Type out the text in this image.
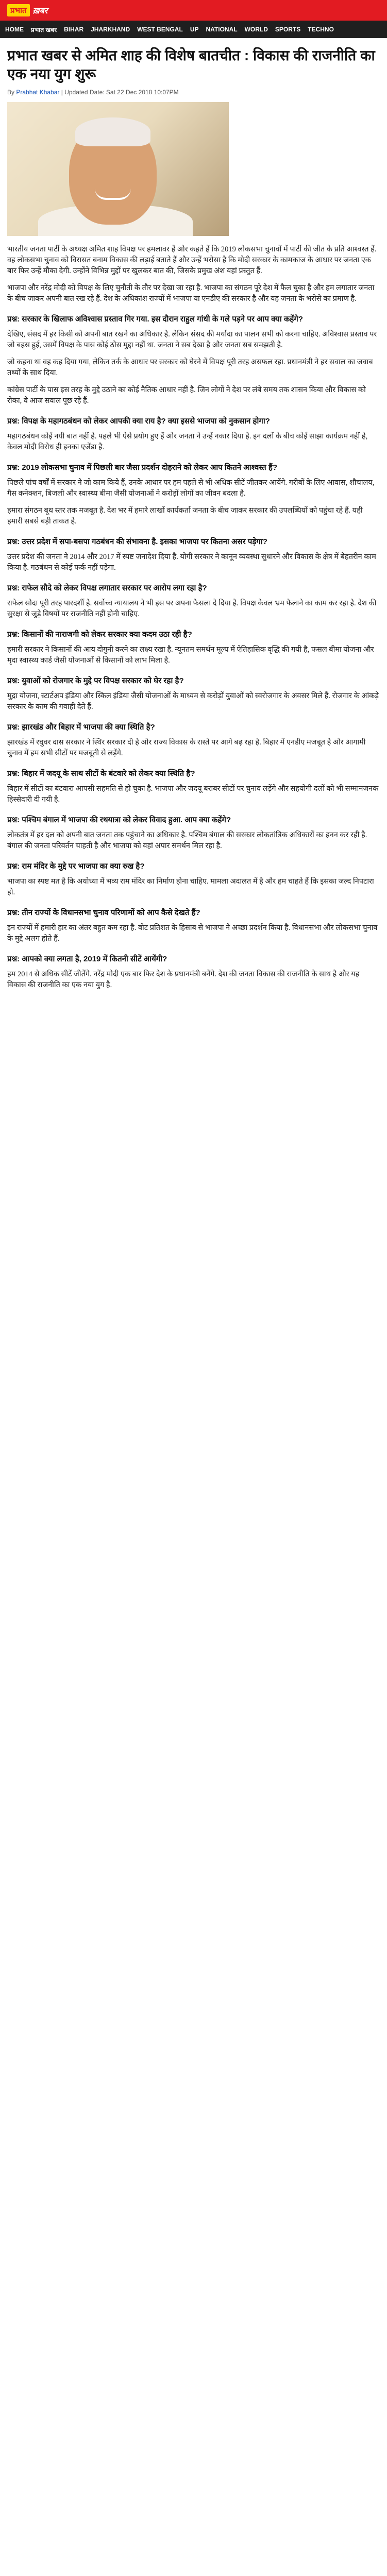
प्रभात ख़बर
HOME प्रभात खबर BIHAR JHARKHAND WEST BENGAL UP NATIONAL WORLD SPORTS TECHNO
प्रभात खबर से अमित शाह की विशेष बातचीत : विकास की राजनीति का एक नया युग शुरू
By Prabhat Khabar | Updated Date: Sat 22 Dec 2018 10:07PM

भारतीय जनता पार्टी के अध्यक्ष अमित शाह विपक्ष पर हमलावर हैं और कहते हैं कि 2019 लोकसभा चुनावों में पार्टी की जीत के प्रति आश्वस्त हैं. वह लोकसभा चुनाव को विरासत बनाम विकास की लड़ाई बताते हैं और उन्हें भरोसा है कि मोदी सरकार के कामकाज के आधार पर जनता एक बार फिर उन्हें मौका देगी. उन्होंने विभिन्न मुद्दों पर खुलकर बात की, जिसके प्रमुख अंश यहां प्रस्तुत हैं.

भाजपा और नरेंद्र मोदी को विपक्ष के लिए चुनौती के तौर पर देखा जा रहा है. भाजपा का संगठन पूरे देश में फैल चुका है और हम लगातार जनता के बीच जाकर अपनी बात रख रहे हैं. देश के अधिकांश राज्यों में भाजपा या एनडीए की सरकार है और यह जनता के भरोसे का प्रमाण है.

प्रश्न: सरकार के खिलाफ अविश्वास प्रस्ताव गिर गया. इस दौरान राहुल गांधी के गले पड़ने पर आप क्या कहेंगे?

देखिए, संसद में हर किसी को अपनी बात रखने का अधिकार है. लेकिन संसद की मर्यादा का पालन सभी को करना चाहिए. अविश्वास प्रस्ताव पर जो बहस हुई, उसमें विपक्ष के पास कोई ठोस मुद्दा नहीं था. जनता ने सब देखा है और जनता सब समझती है.

जो कहना था वह कह दिया गया, लेकिन तर्क के आधार पर सरकार को घेरने में विपक्ष पूरी तरह असफल रहा. प्रधानमंत्री ने हर सवाल का जवाब तथ्यों के साथ दिया.

कांग्रेस पार्टी के पास इस तरह के मुद्दे उठाने का कोई नैतिक आधार नहीं है. जिन लोगों ने देश पर लंबे समय तक शासन किया और विकास को रोका, वे आज सवाल पूछ रहे हैं.

प्रश्न: विपक्ष के महागठबंधन को लेकर आपकी क्या राय है? क्या इससे भाजपा को नुकसान होगा?

महागठबंधन कोई नयी बात नहीं है. पहले भी ऐसे प्रयोग हुए हैं और जनता ने उन्हें नकार दिया है. इन दलों के बीच कोई साझा कार्यक्रम नहीं है, केवल मोदी विरोध ही इनका एजेंडा है.

प्रश्न: 2019 लोकसभा चुनाव में पिछली बार जैसा प्रदर्शन दोहराने को लेकर आप कितने आश्वस्त हैं?

पिछले पांच वर्षों में सरकार ने जो काम किये हैं, उनके आधार पर हम पहले से भी अधिक सीटें जीतकर आयेंगे. गरीबों के लिए आवास, शौचालय, गैस कनेक्शन, बिजली और स्वास्थ्य बीमा जैसी योजनाओं ने करोड़ों लोगों का जीवन बदला है.

हमारा संगठन बूथ स्तर तक मजबूत है. देश भर में हमारे लाखों कार्यकर्ता जनता के बीच जाकर सरकार की उपलब्धियों को पहुंचा रहे हैं. यही हमारी सबसे बड़ी ताकत है.

प्रश्न: उत्तर प्रदेश में सपा-बसपा गठबंधन की संभावना है. इसका भाजपा पर कितना असर पड़ेगा?

उत्तर प्रदेश की जनता ने 2014 और 2017 में स्पष्ट जनादेश दिया है. योगी सरकार ने कानून व्यवस्था सुधारने और विकास के क्षेत्र में बेहतरीन काम किया है. गठबंधन से कोई फर्क नहीं पड़ेगा.

प्रश्न: राफेल सौदे को लेकर विपक्ष लगातार सरकार पर आरोप लगा रहा है?

राफेल सौदा पूरी तरह पारदर्शी है. सर्वोच्च न्यायालय ने भी इस पर अपना फैसला दे दिया है. विपक्ष केवल भ्रम फैलाने का काम कर रहा है. देश की सुरक्षा से जुड़े विषयों पर राजनीति नहीं होनी चाहिए.

प्रश्न: किसानों की नाराजगी को लेकर सरकार क्या कदम उठा रही है?

हमारी सरकार ने किसानों की आय दोगुनी करने का लक्ष्य रखा है. न्यूनतम समर्थन मूल्य में ऐतिहासिक वृद्धि की गयी है, फसल बीमा योजना और मृदा स्वास्थ्य कार्ड जैसी योजनाओं से किसानों को लाभ मिला है.

प्रश्न: युवाओं को रोजगार के मुद्दे पर विपक्ष सरकार को घेर रहा है?

मुद्रा योजना, स्टार्टअप इंडिया और स्किल इंडिया जैसी योजनाओं के माध्यम से करोड़ों युवाओं को स्वरोजगार के अवसर मिले हैं. रोजगार के आंकड़े सरकार के काम की गवाही देते हैं.

प्रश्न: झारखंड और बिहार में भाजपा की क्या स्थिति है?

झारखंड में रघुवर दास सरकार ने स्थिर सरकार दी है और राज्य विकास के रास्ते पर आगे बढ़ रहा है. बिहार में एनडीए मजबूत है और आगामी चुनाव में हम सभी सीटों पर मजबूती से लड़ेंगे.

प्रश्न: बिहार में जदयू के साथ सीटों के बंटवारे को लेकर क्या स्थिति है?

बिहार में सीटों का बंटवारा आपसी सहमति से हो चुका है. भाजपा और जदयू बराबर सीटों पर चुनाव लड़ेंगे और सहयोगी दलों को भी सम्मानजनक हिस्सेदारी दी गयी है.

प्रश्न: पश्चिम बंगाल में भाजपा की रथयात्रा को लेकर विवाद हुआ. आप क्या कहेंगे?

लोकतंत्र में हर दल को अपनी बात जनता तक पहुंचाने का अधिकार है. पश्चिम बंगाल की सरकार लोकतांत्रिक अधिकारों का हनन कर रही है. बंगाल की जनता परिवर्तन चाहती है और भाजपा को वहां अपार समर्थन मिल रहा है.

प्रश्न: राम मंदिर के मुद्दे पर भाजपा का क्या रुख है?

भाजपा का स्पष्ट मत है कि अयोध्या में भव्य राम मंदिर का निर्माण होना चाहिए. मामला अदालत में है और हम चाहते हैं कि इसका जल्द निपटारा हो.

प्रश्न: तीन राज्यों के विधानसभा चुनाव परिणामों को आप कैसे देखते हैं?

इन राज्यों में हमारी हार का अंतर बहुत कम रहा है. वोट प्रतिशत के हिसाब से भाजपा ने अच्छा प्रदर्शन किया है. विधानसभा और लोकसभा चुनाव के मुद्दे अलग होते हैं.

प्रश्न: आपको क्या लगता है, 2019 में कितनी सीटें आयेंगी?

हम 2014 से अधिक सीटें जीतेंगे. नरेंद्र मोदी एक बार फिर देश के प्रधानमंत्री बनेंगे. देश की जनता विकास की राजनीति के साथ है और यह विकास की राजनीति का एक नया युग है.
